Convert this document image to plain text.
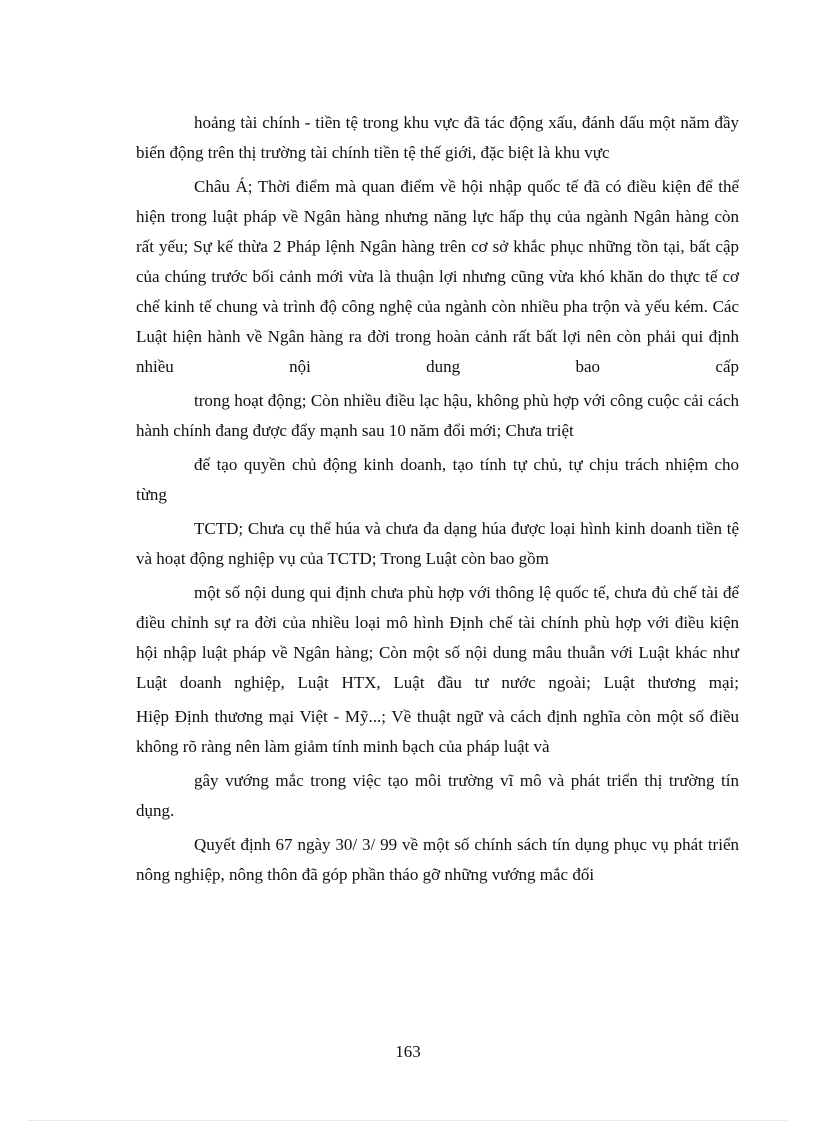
hoảng tài chính - tiền tệ trong khu vực đã tác động xấu, đánh dấu một năm đầy biến động trên thị trường tài chính tiền tệ thế giới, đặc biệt là khu vực

Châu Á; Thời điểm mà quan điểm về hội nhập quốc tế đã có điều kiện để thể hiện trong luật pháp về Ngân hàng nhưng năng lực hấp thụ của ngành Ngân hàng còn rất yếu; Sự kế thừa 2 Pháp lệnh Ngân hàng trên cơ sở khắc phục những tồn tại, bất cập của chúng trước bối cảnh mới vừa là thuận lợi nhưng cũng vừa khó khăn do thực tế cơ chế kinh tế chung và trình độ công nghệ của ngành còn nhiều pha trộn và yếu kém. Các Luật hiện hành về Ngân hàng ra đời trong hoàn cảnh rất bất lợi nên còn phải qui định nhiều nội dung bao cấp

trong hoạt động; Còn nhiều điều lạc hậu, không phù hợp với công cuộc cải cách hành chính đang được đẩy mạnh sau 10 năm đổi mới; Chưa triệt

để tạo quyền chủ động kinh doanh, tạo tính tự chủ, tự chịu trách nhiệm cho từng

TCTD; Chưa cụ thể húa và chưa đa dạng húa được loại hình kinh doanh tiền tệ và hoạt động nghiệp vụ của TCTD; Trong Luật còn bao gồm

một số nội dung qui định chưa phù hợp với thông lệ quốc tế, chưa đủ chế tài để điều chỉnh sự ra đời của nhiều loại mô hình Định chế tài chính phù hợp với điều kiện hội nhập luật pháp về Ngân hàng; Còn một số nội dung mâu thuẫn với Luật khác như Luật doanh nghiệp, Luật HTX, Luật đầu tư nước ngoài; Luật thương mại;

Hiệp Định thương mại Việt - Mỹ...; Về thuật ngữ và cách định nghĩa còn một số điều không rõ ràng nên làm giảm tính minh bạch của pháp luật và

gây vướng mắc trong việc tạo môi trường vĩ mô và phát triển thị trường tín dụng.

Quyết định 67 ngày 30/ 3/ 99 về một số chính sách tín dụng phục vụ phát triển nông nghiệp, nông thôn đã góp phần tháo gỡ những vướng mắc đối

163
